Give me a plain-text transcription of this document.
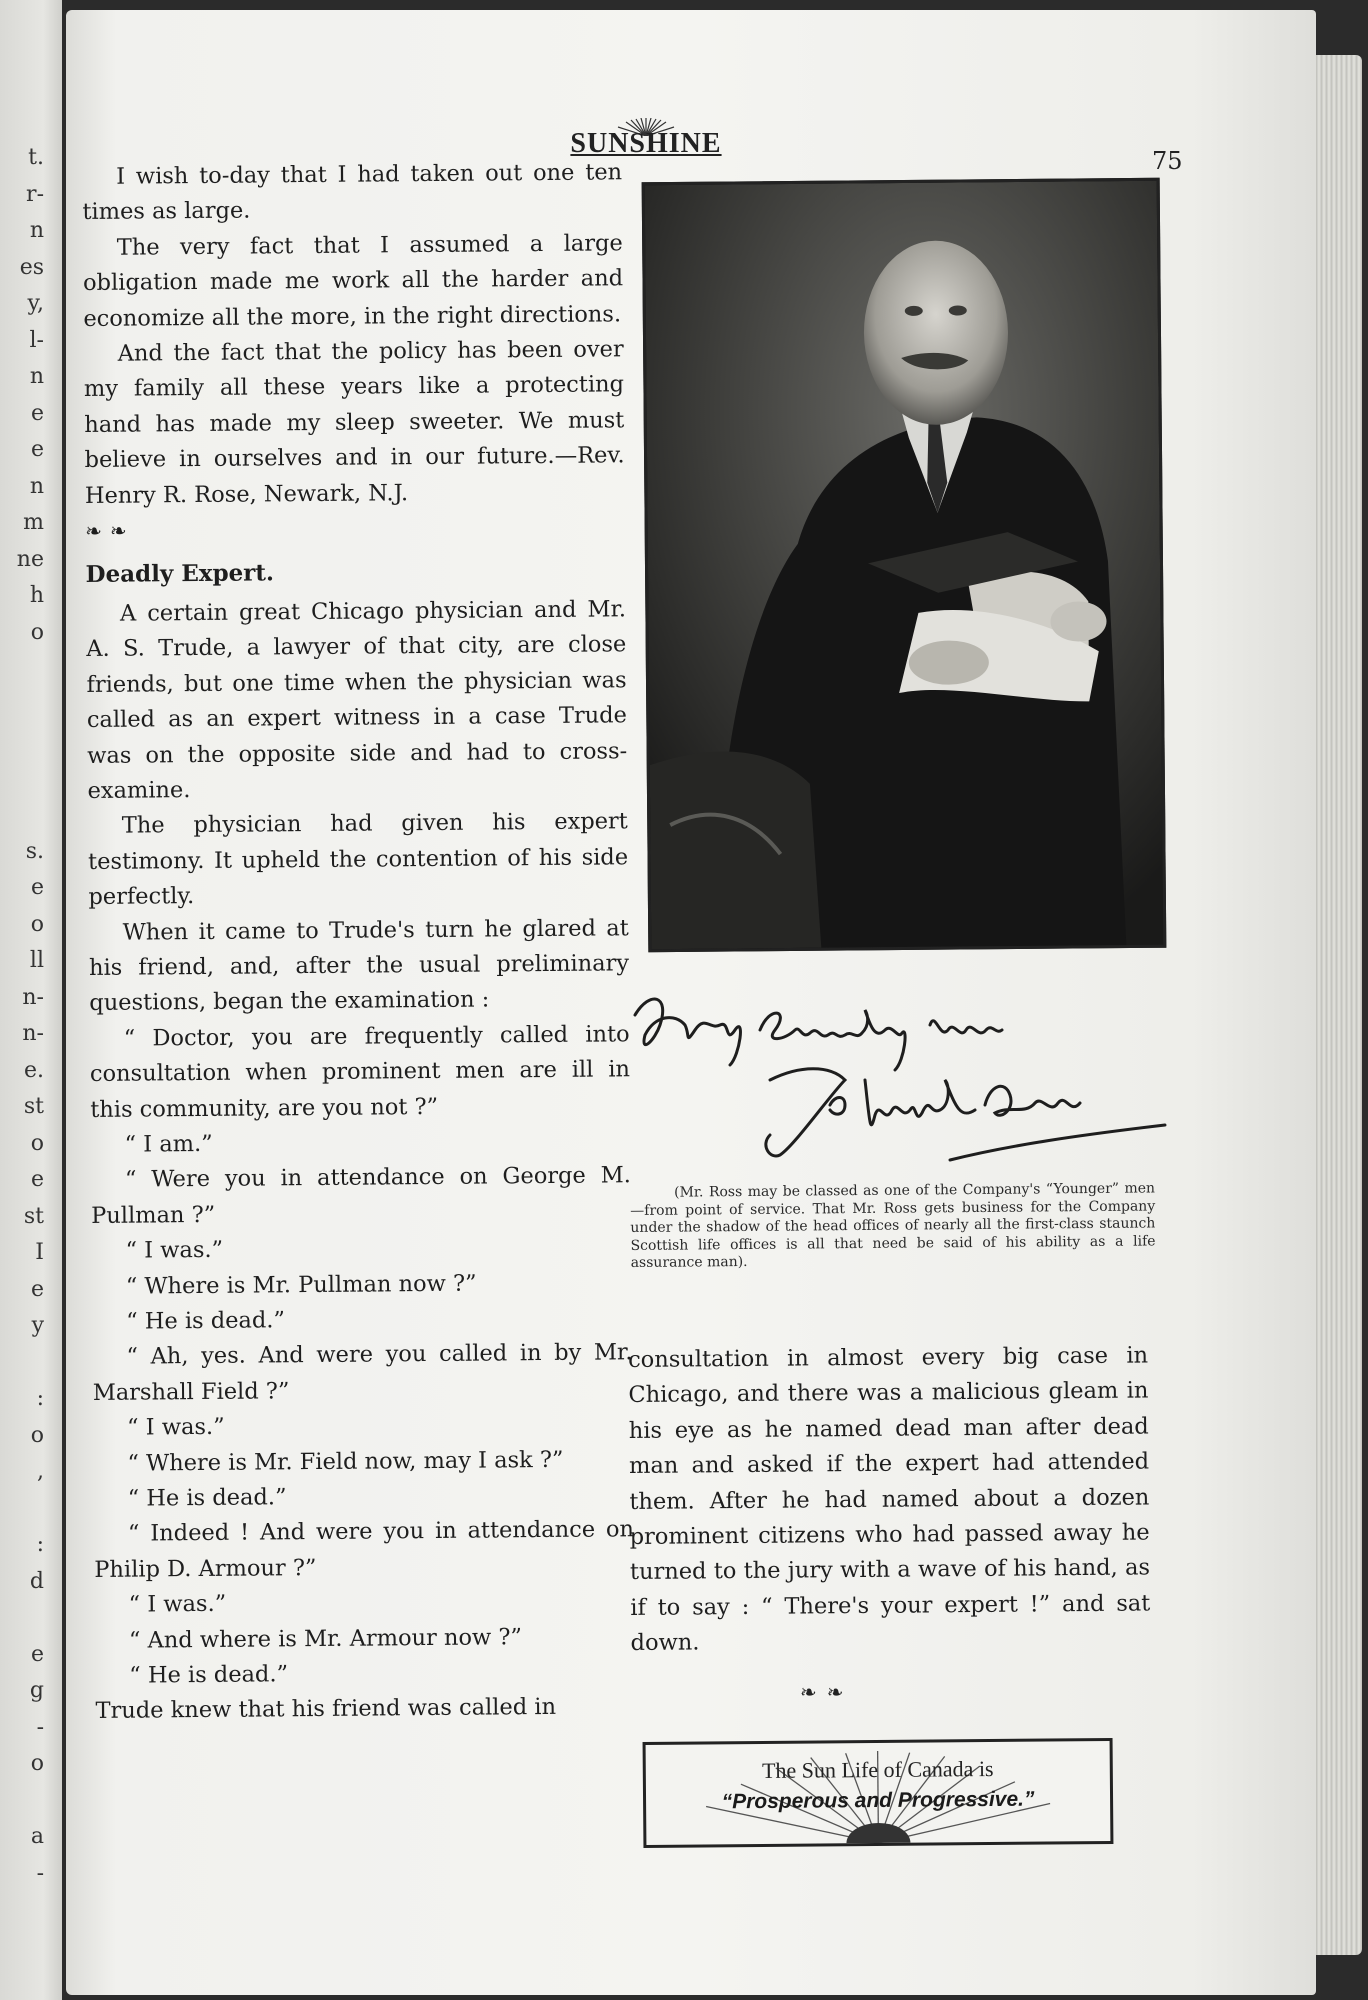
t.
r-
n
es
y,
l-
n
e
e
n
m
ne
h
o

s.
e
o
ll
n-
n-
e.
st
o
e
st
I
e
y

:
o
,

:
d

e
g
-
o

a
-
SUNSHINE
75

I wish to-day that I had taken out one ten times as large.

The very fact that I assumed a large obligation made me work all the harder and economize all the more, in the right directions.

And the fact that the policy has been over my family all these years like a protecting hand has made my sleep sweeter. We must believe in ourselves and in our future.—Rev. Henry R. Rose, Newark, N.J.

❧❧

Deadly Expert.

A certain great Chicago physician and Mr. A. S. Trude, a lawyer of that city, are close friends, but one time when the physician was called as an expert witness in a case Trude was on the opposite side and had to cross-examine.

The physician had given his expert testimony. It upheld the contention of his side perfectly.

When it came to Trude's turn he glared at his friend, and, after the usual preliminary questions, began the examination :

“ Doctor, you are frequently called into consultation when prominent men are ill in this community, are you not ?”

“ I am.”

“ Were you in attendance on George M. Pullman ?”

“ I was.”

“ Where is Mr. Pullman now ?”

“ He is dead.”

“ Ah, yes. And were you called in by Mr. Marshall Field ?”

“ I was.”

“ Where is Mr. Field now, may I ask ?”

“ He is dead.”

“ Indeed ! And were you in attendance on Philip D. Armour ?”

“ I was.”

“ And where is Mr. Armour now ?”

“ He is dead.”

Trude knew that his friend was called in

(Mr. Ross may be classed as one of the Company's “Younger” men—from point of service. That Mr. Ross gets business for the Company under the shadow of the head offices of nearly all the first-class staunch Scottish life offices is all that need be said of his ability as a life assurance man).

consultation in almost every big case in Chicago, and there was a malicious gleam in his eye as he named dead man after dead man and asked if the expert had attended them. After he had named about a dozen prominent citizens who had passed away he turned to the jury with a wave of his hand, as if to say : “ There's your expert !” and sat down.

❧❧
The Sun Life of Canada is
“Prosperous and Progressive.”
